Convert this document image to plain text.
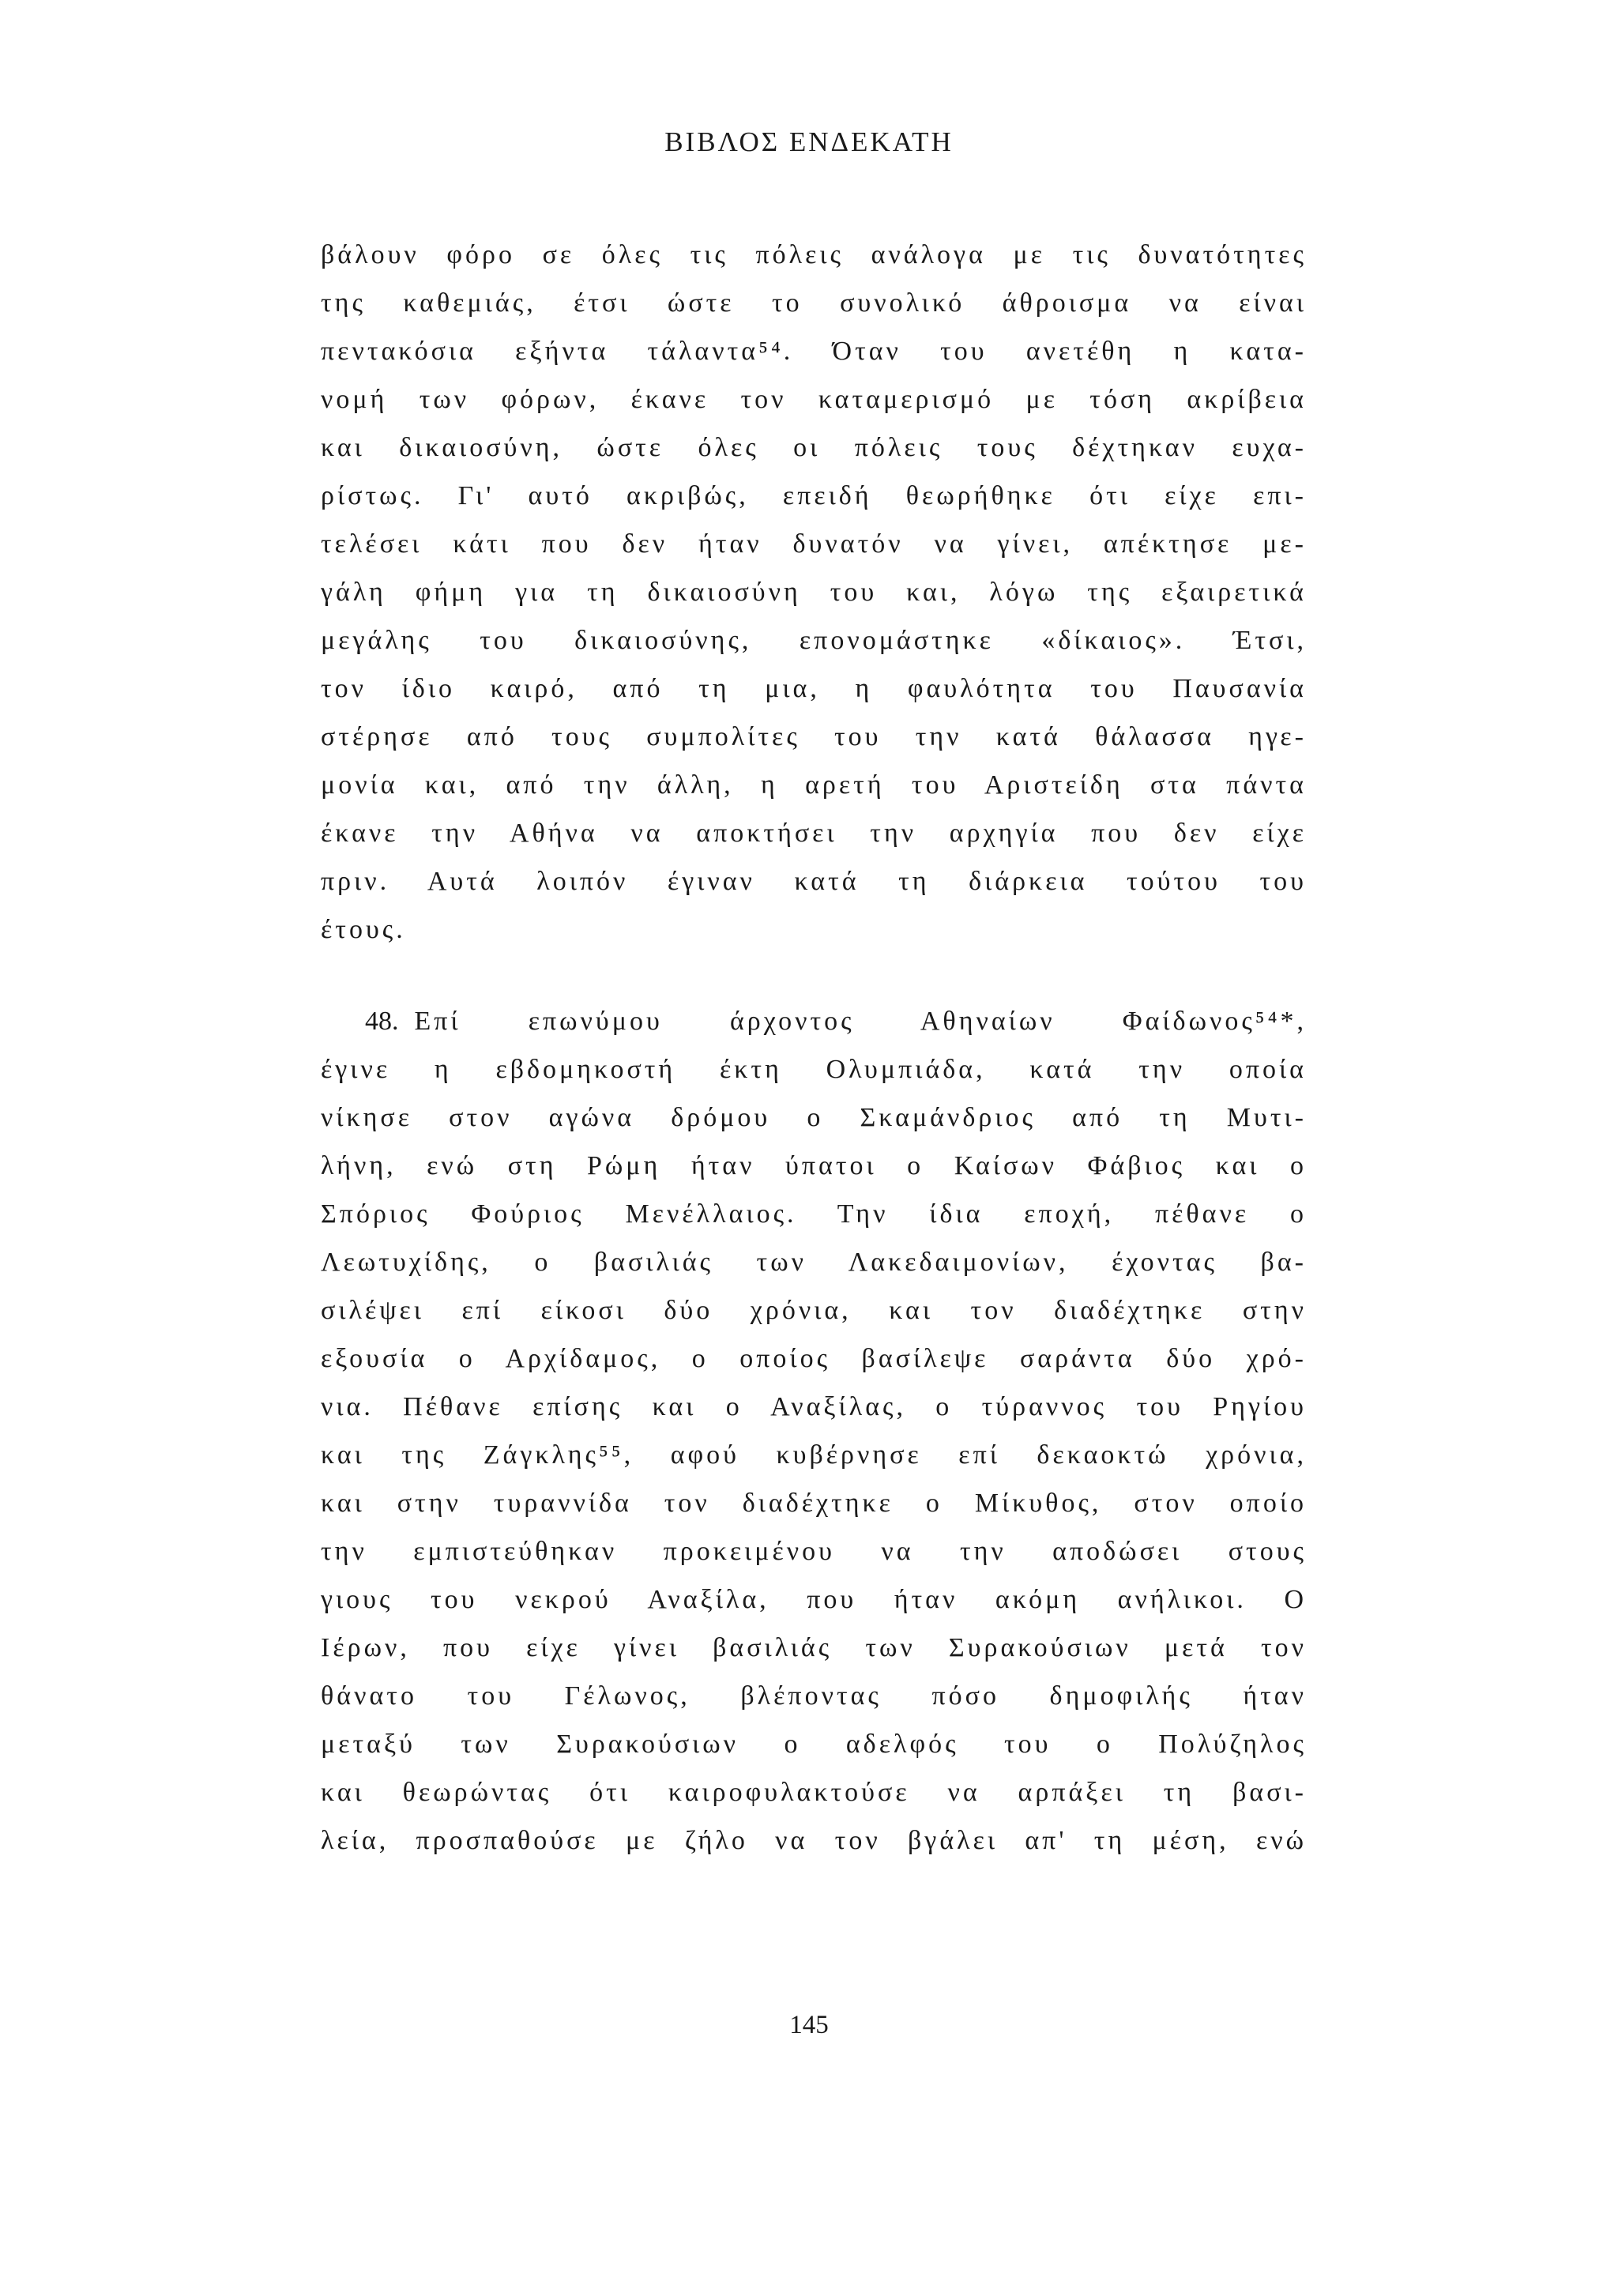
ΒΙΒΛΟΣ ΕΝΔΕΚΑΤΗ
βάλουν φόρο σε όλες τις πόλεις ανάλογα με τις δυνατότητες
της καθεμιάς, έτσι ώστε το συνολικό άθροισμα να είναι
πεντακόσια εξήντα τάλαντα⁵⁴. Όταν του ανετέθη η κατα-
νομή των φόρων, έκανε τον καταμερισμό με τόση ακρίβεια
και δικαιοσύνη, ώστε όλες οι πόλεις τους δέχτηκαν ευχα-
ρίστως. Γι' αυτό ακριβώς, επειδή θεωρήθηκε ότι είχε επι-
τελέσει κάτι που δεν ήταν δυνατόν να γίνει, απέκτησε με-
γάλη φήμη για τη δικαιοσύνη του και, λόγω της εξαιρετικά
μεγάλης του δικαιοσύνης, επονομάστηκε «δίκαιος». Έτσι,
τον ίδιο καιρό, από τη μια, η φαυλότητα του Παυσανία
στέρησε από τους συμπολίτες του την κατά θάλασσα ηγε-
μονία και, από την άλλη, η αρετή του Αριστείδη στα πάντα
έκανε την Αθήνα να αποκτήσει την αρχηγία που δεν είχε
πριν. Αυτά λοιπόν έγιναν κατά τη διάρκεια τούτου του
έτους.
48. Επί επωνύμου άρχοντος Αθηναίων Φαίδωνος⁵⁴*,
έγινε η εβδομηκοστή έκτη Ολυμπιάδα, κατά την οποία
νίκησε στον αγώνα δρόμου ο Σκαμάνδριος από τη Μυτι-
λήνη, ενώ στη Ρώμη ήταν ύπατοι ο Καίσων Φάβιος και ο
Σπόριος Φούριος Μενέλλαιος. Την ίδια εποχή, πέθανε ο
Λεωτυχίδης, ο βασιλιάς των Λακεδαιμονίων, έχοντας βα-
σιλέψει επί είκοσι δύο χρόνια, και τον διαδέχτηκε στην
εξουσία ο Αρχίδαμος, ο οποίος βασίλεψε σαράντα δύο χρό-
νια. Πέθανε επίσης και ο Αναξίλας, ο τύραννος του Ρηγίου
και της Ζάγκλης⁵⁵, αφού κυβέρνησε επί δεκαοκτώ χρόνια,
και στην τυραννίδα τον διαδέχτηκε ο Μίκυθος, στον οποίο
την εμπιστεύθηκαν προκειμένου να την αποδώσει στους
γιους του νεκρού Αναξίλα, που ήταν ακόμη ανήλικοι. Ο
Ιέρων, που είχε γίνει βασιλιάς των Συρακούσιων μετά τον
θάνατο του Γέλωνος, βλέποντας πόσο δημοφιλής ήταν
μεταξύ των Συρακούσιων ο αδελφός του ο Πολύζηλος
και θεωρώντας ότι καιροφυλακτούσε να αρπάξει τη βασι-
λεία, προσπαθούσε με ζήλο να τον βγάλει απ' τη μέση, ενώ
145
